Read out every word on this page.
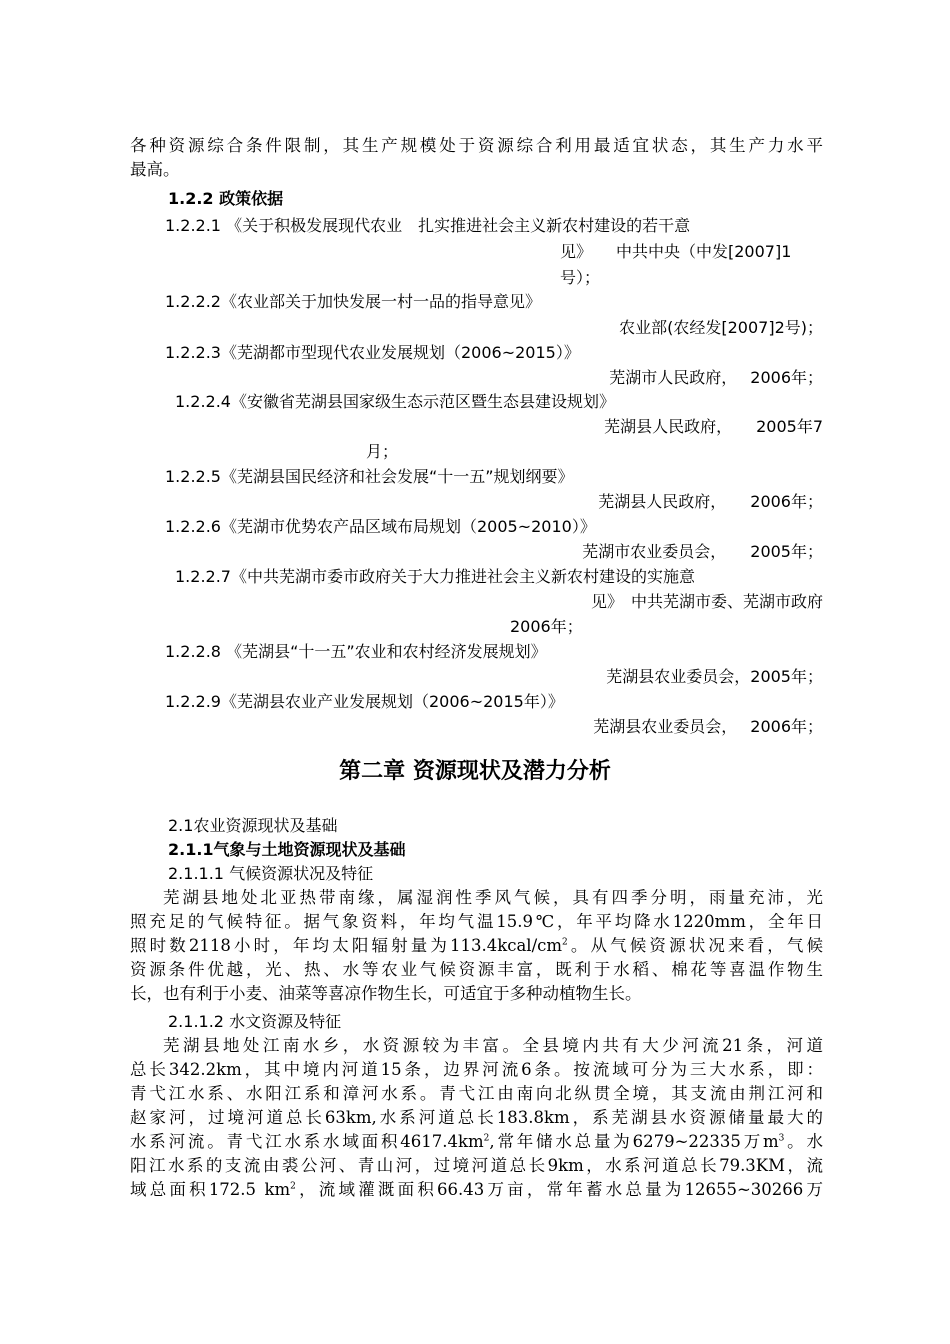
各种资源综合条件限制，其生产规模处于资源综合利用最适宜状态，其生产力水平
最高。
1.2.2 政策依据
1.2.2.1 《关于积极发展现代农业　扎实推进社会主义新农村建设的若干意
见》　　中共中央（中发[2007]1
号）；
1.2.2.2《农业部关于加快发展一村一品的指导意见》
农业部(农经发[2007]2号)；
1.2.2.3《芜湖都市型现代农业发展规划（2006~2015）》
芜湖市人民政府，　 2006年；
1.2.2.4《安徽省芜湖县国家级生态示范区暨生态县建设规划》
芜湖县人民政府，　　2005年7
月；
1.2.2.5《芜湖县国民经济和社会发展“十一五”规划纲要》
芜湖县人民政府，　　2006年；
1.2.2.6《芜湖市优势农产品区域布局规划（2005~2010）》
芜湖市农业委员会，　　2005年；
1.2.2.7《中共芜湖市委市政府关于大力推进社会主义新农村建设的实施意
见》　中共芜湖市委、芜湖市政府
2006年；
1.2.2.8 《芜湖县“十一五”农业和农村经济发展规划》
芜湖县农业委员会，2005年；
1.2.2.9《芜湖县农业产业发展规划（2006~2015年）》
芜湖县农业委员会，　 2006年；
第二章 资源现状及潜力分析
2.1农业资源现状及基础
2.1.1气象与土地资源现状及基础
2.1.1.1 气候资源状况及特征
芜湖县地处北亚热带南缘，属湿润性季风气候，具有四季分明，雨量充沛，光
照充足的气候特征。据气象资料，年均气温15.9℃，年平均降水1220mm，全年日
照时数2118小时，年均太阳辐射量为$113.4kcal/cm^2$。从气候资源状况来看，气候
资源条件优越，光、热、水等农业气候资源丰富，既利于水稻、棉花等喜温作物生
长，也有利于小麦、油菜等喜凉作物生长，可适宜于多种动植物生长。
2.1.1.2 水文资源及特征
芜湖县地处江南水乡，水资源较为丰富。全县境内共有大少河流21条，河道
总长342.2km，其中境内河道15条，边界河流6条。按流域可分为三大水系，即：
青弋江水系、水阳江系和漳河水系。青弋江由南向北纵贯全境，其支流由荆江河和
赵家河，过境河道总长63km,水系河道总长183.8km，系芜湖县水资源储量最大的
水系河流。青弋江水系水域面积$4617.4km^2$,常年储水总量为6279~22335万$m^3$。水
阳江水系的支流由裘公河、青山河，过境河道总长9km，水系河道总长79.3KM，流
域总面积172.5 $km^2$，流域灌溉面积66.43万亩，常年蓄水总量为12655~30266万
